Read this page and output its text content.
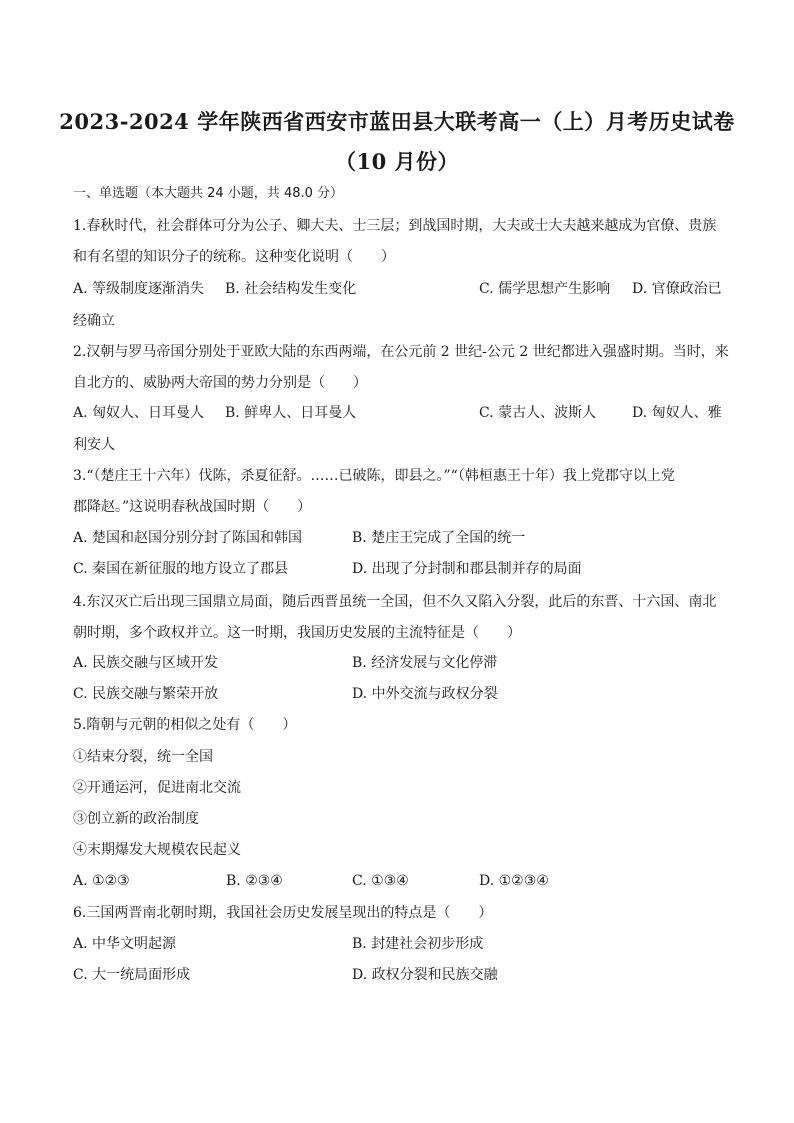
2023-2024 学年陕西省西安市蓝田县大联考高一（上）月考历史试卷
（10 月份）
一、单选题（本大题共 24 小题，共 48.0 分）
1.春秋时代，社会群体可分为公子、卿大夫、士三层；到战国时期，大夫或士大夫越来越成为官僚、贵族
和有名望的知识分子的统称。这种变化说明（　　）
A. 等级制度逐渐消失 B. 社会结构发生变化	C. 儒学思想产生影响 D. 官僚政治已
经确立
2.汉朝与罗马帝国分别处于亚欧大陆的东西两端，在公元前 2 世纪-公元 2 世纪都进入强盛时期。当时，来
自北方的、威胁两大帝国的势力分别是（　　）
A. 匈奴人、日耳曼人 B. 鲜卑人、日耳曼人	C. 蒙古人、波斯人	D. 匈奴人、雅
利安人
3.“（楚庄王十六年）伐陈，杀夏征舒。……已破陈，即县之。”“（韩桓惠王十年）我上党郡守以上党
郡降赵。”这说明春秋战国时期（　　）
A. 楚国和赵国分别分封了陈国和韩国	B. 楚庄王完成了全国的统一
C. 秦国在新征服的地方设立了郡县	D. 出现了分封制和郡县制并存的局面
4.东汉灭亡后出现三国鼎立局面，随后西晋虽统一全国，但不久又陷入分裂，此后的东晋、十六国、南北
朝时期，多个政权并立。这一时期，我国历史发展的主流特征是（　　）
A. 民族交融与区域开发	B. 经济发展与文化停滞
C. 民族交融与繁荣开放	D. 中外交流与政权分裂
5.隋朝与元朝的相似之处有（　　）
①结束分裂，统一全国
②开通运河，促进南北交流
③创立新的政治制度
④末期爆发大规模农民起义
A. ①②③	B. ②③④	C. ①③④	D. ①②③④
6.三国两晋南北朝时期，我国社会历史发展呈现出的特点是（　　）
A. 中华文明起源	B. 封建社会初步形成
C. 大一统局面形成	D. 政权分裂和民族交融
